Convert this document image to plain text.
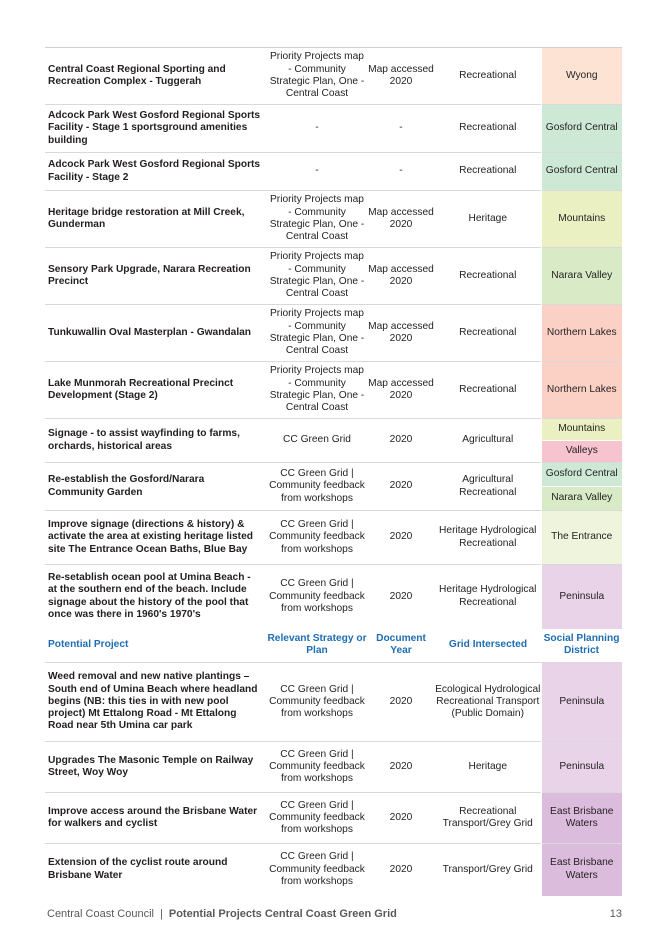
Central Coast Regional Sporting and Recreation Complex - Tuggerah	Priority Projects map - Community Strategic Plan, One - Central Coast	Map accessed 2020	Recreational	Wyong
Adcock Park West Gosford Regional Sports Facility - Stage 1 sportsground amenities building	-	-	Recreational	Gosford Central
Adcock Park West Gosford Regional Sports Facility - Stage 2	-	-	Recreational	Gosford Central
Heritage bridge restoration at Mill Creek, Gunderman	Priority Projects map - Community Strategic Plan, One - Central Coast	Map accessed 2020	Heritage	Mountains
Sensory Park Upgrade, Narara Recreation Precinct	Priority Projects map - Community Strategic Plan, One - Central Coast	Map accessed 2020	Recreational	Narara Valley
Tunkuwallin Oval Masterplan - Gwandalan	Priority Projects map - Community Strategic Plan, One - Central Coast	Map accessed 2020	Recreational	Northern Lakes
Lake Munmorah Recreational Precinct Development (Stage 2)	Priority Projects map - Community Strategic Plan, One - Central Coast	Map accessed 2020	Recreational	Northern Lakes
Signage - to assist wayfinding to farms, orchards, historical areas	CC Green Grid	2020	Agricultural	Mountains
				Valleys
Re-establish the Gosford/Narara Community Garden	CC Green Grid | Community feedback from workshops	2020	Agricultural Recreational	Gosford Central
				Narara Valley
Improve signage (directions & history) & activate the area at existing heritage listed site The Entrance Ocean Baths, Blue Bay	CC Green Grid | Community feedback from workshops	2020	Heritage Hydrological Recreational	The Entrance
Re-setablish ocean pool at Umina Beach - at the southern end of the beach. Include signage about the history of the pool that once was there in 1960's 1970's	CC Green Grid | Community feedback from workshops	2020	Heritage Hydrological Recreational	Peninsula
Potential Project	Relevant Strategy or Plan	Document Year	Grid Intersected	Social Planning District
Weed removal and new native plantings – South end of Umina Beach where headland begins (NB: this ties in with new pool project) Mt Ettalong Road - Mt Ettalong Road near 5th Umina car park	CC Green Grid | Community feedback from workshops	2020	Ecological Hydrological Recreational Transport (Public Domain)	Peninsula
Upgrades The Masonic Temple on Railway Street, Woy Woy	CC Green Grid | Community feedback from workshops	2020	Heritage	Peninsula
Improve access around the Brisbane Water for walkers and cyclist	CC Green Grid | Community feedback from workshops	2020	Recreational Transport/Grey Grid	East Brisbane Waters
Extension of the cyclist route around Brisbane Water	CC Green Grid | Community feedback from workshops	2020	Transport/Grey Grid	East Brisbane Waters
Central Coast Council | Potential Projects Central Coast Green Grid	13
